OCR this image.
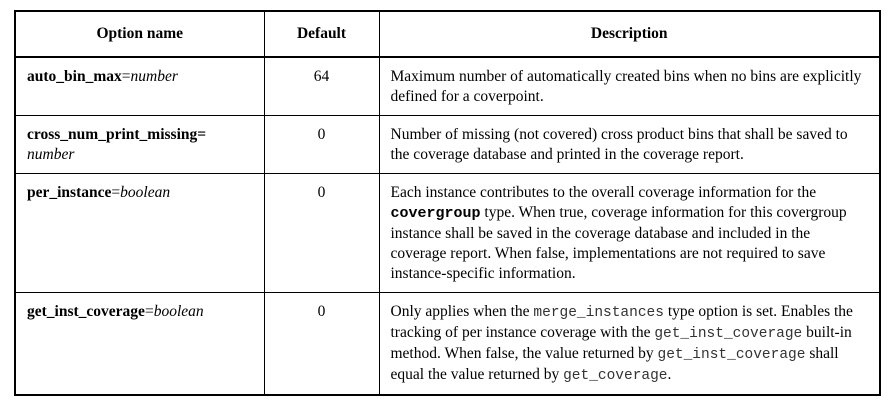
Option name	Default	Description
auto_bin_max=number	64	Maximum number of automatically created bins when no bins are explicitly defined for a coverpoint.
cross_num_print_missing=
number	0	Number of missing (not covered) cross product bins that shall be saved to the coverage database and printed in the coverage report.
per_instance=boolean	0	Each instance contributes to the overall coverage information for the covergroup type. When true, coverage information for this covergroup instance shall be saved in the coverage database and included in the coverage report. When false, implementations are not required to save instance-specific information.
get_inst_coverage=boolean	0	Only applies when the merge_instances type option is set. Enables the tracking of per instance coverage with the get_inst_coverage built-in method. When false, the value returned by get_inst_coverage shall equal the value returned by get_coverage.
